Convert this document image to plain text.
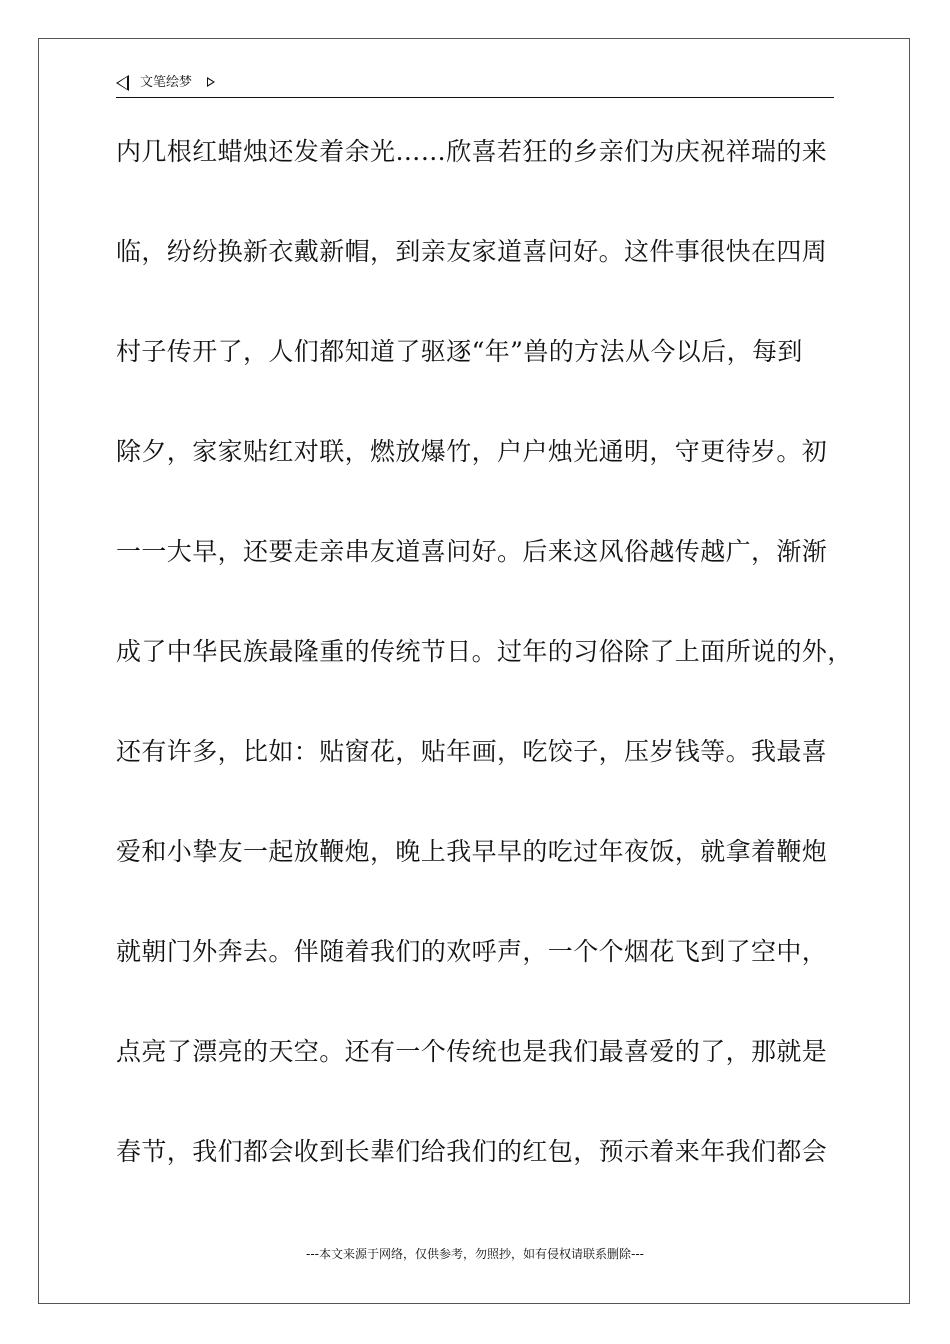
文笔绘梦
内几根红蜡烛还发着余光……欣喜若狂的乡亲们为庆祝祥瑞的来
临，纷纷换新衣戴新帽，到亲友家道喜问好。这件事很快在四周
村子传开了，人们都知道了驱逐“年”兽的方法从今以后，每到
除夕，家家贴红对联，燃放爆竹，户户烛光通明，守更待岁。初
一一大早，还要走亲串友道喜问好。后来这风俗越传越广，渐渐
成了中华民族最隆重的传统节日。过年的习俗除了上面所说的外，
还有许多，比如：贴窗花，贴年画，吃饺子，压岁钱等。我最喜
爱和小挚友一起放鞭炮，晚上我早早的吃过年夜饭，就拿着鞭炮
就朝门外奔去。伴随着我们的欢呼声，一个个烟花飞到了空中，
点亮了漂亮的天空。还有一个传统也是我们最喜爱的了，那就是
春节，我们都会收到长辈们给我们的红包，预示着来年我们都会
---本文来源于网络，仅供参考，勿照抄，如有侵权请联系删除---
